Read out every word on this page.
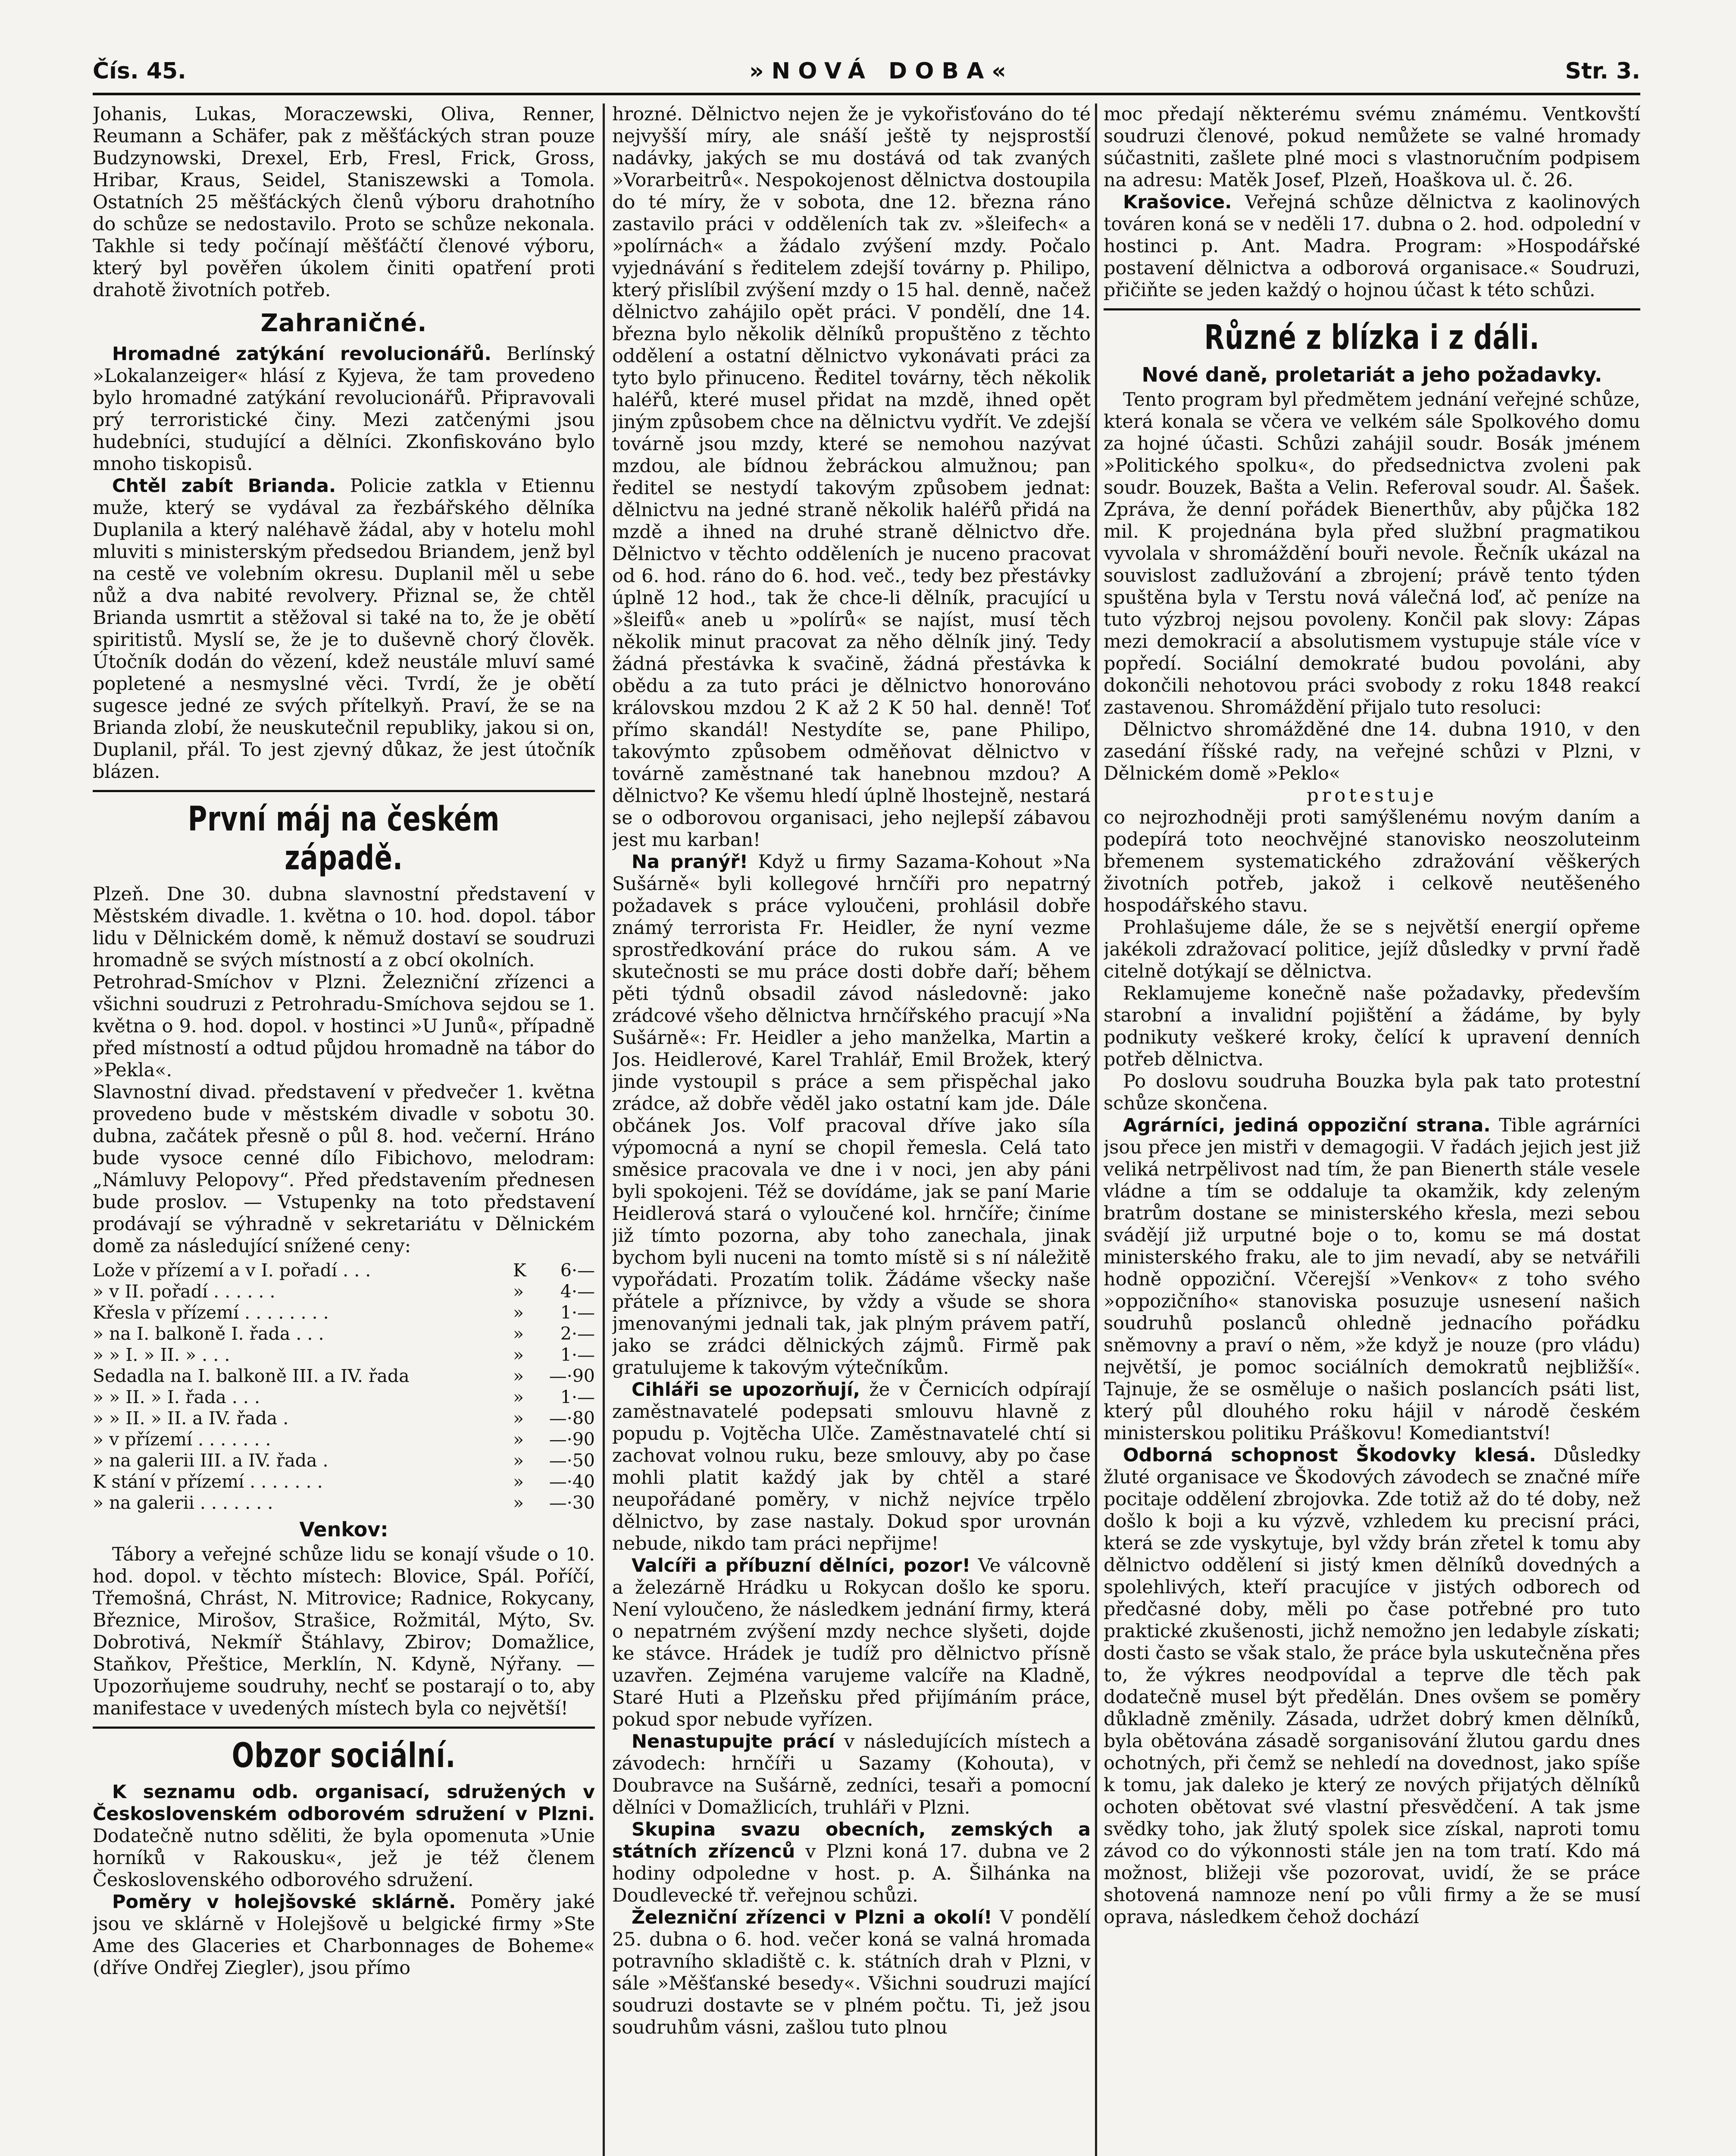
Čís. 45.	»NOVÁ DOBA«	Str. 3.

Johanis, Lukas, Moraczewski, Oliva, Renner, Reumann a Schäfer, pak z měšťáckých stran pouze Budzynowski, Drexel, Erb, Fresl, Frick, Gross, Hribar, Kraus, Seidel, Staniszewski a Tomola. Ostatních 25 měšťáckých členů výboru drahotního do schůze se nedostavilo. Proto se schůze nekonala. Takhle si tedy počínají měšťáčtí členové výboru, který byl pověřen úkolem činiti opatření proti drahotě životních potřeb.

Zahraničné.

Hromadné zatýkání revolucionářů. Berlínský »Lokalanzeiger« hlásí z Kyjeva, že tam provedeno bylo hromadné zatýkání revolucionářů. Připravovali prý terroristické činy. Mezi zatčenými jsou hudebníci, studující a dělníci. Zkonfiskováno bylo mnoho tiskopisů.

Chtěl zabít Brianda. Policie zatkla v Etiennu muže, který se vydával za řezbářského dělníka Duplanila a který naléhavě žádal, aby v hotelu mohl mluviti s ministerským předsedou Briandem, jenž byl na cestě ve volebním okresu. Duplanil měl u sebe nůž a dva nabité revolvery. Přiznal se, že chtěl Brianda usmrtit a stěžoval si také na to, že je obětí spiritistů. Myslí se, že je to duševně chorý člověk. Útočník dodán do vězení, kdež neustále mluví samé popletené a nesmyslné věci. Tvrdí, že je obětí sugesce jedné ze svých přítelkyň. Praví, že se na Brianda zlobí, že neuskutečnil republiky, jakou si on, Duplanil, přál. To jest zjevný důkaz, že jest útočník blázen.

První máj na českém západě.

Plzeň. Dne 30. dubna slavnostní představení v Městském divadle. 1. května o 10. hod. dopol. tábor lidu v Dělnickém domě, k němuž dostaví se soudruzi hromadně se svých místností a z obcí okolních.

Petrohrad-Smíchov v Plzni. Železniční zřízenci a všichni soudruzi z Petrohradu-Smíchova sejdou se 1. května o 9. hod. dopol. v hostinci »U Junů«, případně před místností a odtud půjdou hromadně na tábor do »Pekla«.

Slavnostní divad. představení v předvečer 1. května provedeno bude v městském divadle v sobotu 30. dubna, začátek přesně o půl 8. hod. večerní. Hráno bude vysoce cenné dílo Fibichovo, melodram: „Námluvy Pelopovy“. Před představením přednesen bude proslov. — Vstupenky na toto představení prodávají se výhradně v sekretariátu v Dělnickém domě za následující snížené ceny:

Lože v přízemí a v I. pořadí . . .	K	6·—
» v II. pořadí . . . . . .	»	4·—
Křesla v přízemí . . . . . . . .	»	1·—
» na I. balkoně I. řada . . .	»	2·—
» » I. » II. » . . .	»	1·—
Sedadla na I. balkoně III. a IV. řada	»	—·90
» » II. » I. řada . . .	»	1·—
» » II. » II. a IV. řada .	»	—·80
» v přízemí . . . . . . .	»	—·90
» na galerii III. a IV. řada .	»	—·50
K stání v přízemí . . . . . . .	»	—·40
» na galerii . . . . . . .	»	—·30
Venkov:

Tábory a veřejné schůze lidu se konají všude o 10. hod. dopol. v těchto místech: Blovice, Spál. Poříčí, Třemošná, Chrást, N. Mitrovice; Radnice, Rokycany, Březnice, Mirošov, Strašice, Rožmitál, Mýto, Sv. Dobrotivá, Nekmíř Štáhlavy, Zbirov; Domažlice, Staňkov, Přeštice, Merklín, N. Kdyně, Nýřany. — Upozorňujeme soudruhy, nechť se postarají o to, aby manifestace v uvedených místech byla co největší!

Obzor sociální.

K seznamu odb. organisací, sdružených v Československém odborovém sdružení v Plzni. Dodatečně nutno sděliti, že byla opomenuta »Unie horníků v Rakousku«, jež je též členem Československého odborového sdružení.

Poměry v holejšovské sklárně. Poměry jaké jsou ve sklárně v Holejšově u belgické firmy »Ste Ame des Glaceries et Charbonnages de Boheme« (dříve Ondřej Ziegler), jsou přímo

hrozné. Dělnictvo nejen že je vykořisťováno do té nejvyšší míry, ale snáší ještě ty nejsprostší nadávky, jakých se mu dostává od tak zvaných »Vorarbeitrů«. Nespokojenost dělnictva dostoupila do té míry, že v sobota, dne 12. března ráno zastavilo práci v odděleních tak zv. »šleifech« a »polírnách« a žádalo zvýšení mzdy. Počalo vyjednávání s ředitelem zdejší továrny p. Philipo, který přislíbil zvýšení mzdy o 15 hal. denně, načež dělnictvo zahájilo opět práci. V pondělí, dne 14. března bylo několik dělníků propuštěno z těchto oddělení a ostatní dělnictvo vykonávati práci za tyto bylo přinuceno. Ředitel továrny, těch několik haléřů, které musel přidat na mzdě, ihned opět jiným způsobem chce na dělnictvu vydřít. Ve zdejší továrně jsou mzdy, které se nemohou nazývat mzdou, ale bídnou žebráckou almužnou; pan ředitel se nestydí takovým způsobem jednat: dělnictvu na jedné straně několik haléřů přidá na mzdě a ihned na druhé straně dělnictvo dře. Dělnictvo v těchto odděleních je nuceno pracovat od 6. hod. ráno do 6. hod. več., tedy bez přestávky úplně 12 hod., tak že chce-li dělník, pracující u »šleifů« aneb u »polírů« se najíst, musí těch několik minut pracovat za něho dělník jiný. Tedy žádná přestávka k svačině, žádná přestávka k obědu a za tuto práci je dělnictvo honorováno královskou mzdou 2 K až 2 K 50 hal. denně! Toť přímo skandál! Nestydíte se, pane Philipo, takovýmto způsobem odměňovat dělnictvo v továrně zaměstnané tak hanebnou mzdou? A dělnictvo? Ke všemu hledí úplně lhostejně, nestará se o odborovou organisaci, jeho nejlepší zábavou jest mu karban!

Na pranýř! Když u firmy Sazama-Kohout »Na Sušárně« byli kollegové hrnčíři pro nepatrný požadavek s práce vyloučeni, prohlásil dobře známý terrorista Fr. Heidler, že nyní vezme sprostředkování práce do rukou sám. A ve skutečnosti se mu práce dosti dobře daří; během pěti týdnů obsadil závod následovně: jako zrádcové všeho dělnictva hrnčířského pracují »Na Sušárně«: Fr. Heidler a jeho manželka, Martin a Jos. Heidlerové, Karel Trahlář, Emil Brožek, který jinde vystoupil s práce a sem přispěchal jako zrádce, až dobře věděl jako ostatní kam jde. Dále občánek Jos. Volf pracoval dříve jako síla výpomocná a nyní se chopil řemesla. Celá tato směsice pracovala ve dne i v noci, jen aby páni byli spokojeni. Též se dovídáme, jak se paní Marie Heidlerová stará o vyloučené kol. hrnčíře; činíme již tímto pozorna, aby toho zanechala, jinak bychom byli nuceni na tomto místě si s ní náležitě vypořádati. Prozatím tolik. Žádáme všecky naše přátele a příznivce, by vždy a všude se shora jmenovanými jednali tak, jak plným právem patří, jako se zrádci dělnických zájmů. Firmě pak gratulujeme k takovým výtečníkům.

Cihláři se upozorňují, že v Černicích odpírají zaměstnavatelé podepsati smlouvu hlavně z popudu p. Vojtěcha Ulče. Zaměstnavatelé chtí si zachovat volnou ruku, beze smlouvy, aby po čase mohli platit každý jak by chtěl a staré neupořádané poměry, v nichž nejvíce trpělo dělnictvo, by zase nastaly. Dokud spor urovnán nebude, nikdo tam práci nepřijme!

Valcíři a příbuzní dělníci, pozor! Ve válcovně a železárně Hrádku u Rokycan došlo ke sporu. Není vyloučeno, že následkem jednání firmy, která o nepatrném zvýšení mzdy nechce slyšeti, dojde ke stávce. Hrádek je tudíž pro dělnictvo přísně uzavřen. Zejména varujeme valcíře na Kladně, Staré Huti a Plzeňsku před přijímáním práce, pokud spor nebude vyřízen.

Nenastupujte prácí v následujících místech a závodech: hrnčíři u Sazamy (Kohouta), v Doubravce na Sušárně, zedníci, tesaři a pomocní dělníci v Domažlicích, truhláři v Plzni.

Skupina svazu obecních, zemských a státních zřízenců v Plzni koná 17. dubna ve 2 hodiny odpoledne v host. p. A. Šilhánka na Doudlevecké tř. veřejnou schůzi.

Železniční zřízenci v Plzni a okolí! V pondělí 25. dubna o 6. hod. večer koná se valná hromada potravního skladiště c. k. státních drah v Plzni, v sále »Měšťanské besedy«. Všichni soudruzi mající soudruzi dostavte se v plném počtu. Ti, jež jsou soudruhům vásni, zašlou tuto plnou

moc předají některému svému známému. Ventkovští soudruzi členové, pokud nemůžete se valné hromady súčastniti, zašlete plné moci s vlastnoručním podpisem na adresu: Matěk Josef, Plzeň, Hoaškova ul. č. 26.

Krašovice. Veřejná schůze dělnictva z kaolinových továren koná se v neděli 17. dubna o 2. hod. odpolední v hostinci p. Ant. Madra. Program: »Hospodářské postavení dělnictva a odborová organisace.« Soudruzi, přičiňte se jeden každý o hojnou účast k této schůzi.

Různé z blízka i z dáli.
Nové daně, proletariát a jeho požadavky.

Tento program byl předmětem jednání veřejné schůze, která konala se včera ve velkém sále Spolkového domu za hojné účasti. Schůzi zahájil soudr. Bosák jménem »Politického spolku«, do předsednictva zvoleni pak soudr. Bouzek, Bašta a Velin. Referoval soudr. Al. Šašek. Zpráva, že denní pořádek Bienerthův, aby půjčka 182 mil. K projednána byla před službní pragmatikou vyvolala v shromáždění bouři nevole. Řečník ukázal na souvislost zadlužování a zbrojení; právě tento týden spuštěna byla v Terstu nová válečná loď, ač peníze na tuto výzbroj nejsou povoleny. Končil pak slovy: Zápas mezi demokracií a absolutismem vystupuje stále více v popředí. Sociální demokraté budou povoláni, aby dokončili nehotovou práci svobody z roku 1848 reakcí zastavenou. Shromáždění přijalo tuto resoluci:

Dělnictvo shromážděné dne 14. dubna 1910, v den zasedání říšské rady, na veřejné schůzi v Plzni, v Dělnickém domě »Peklo«

protestuje

co nejrozhodněji proti samýšlenému novým daním a podepírá toto neochvějné stanovisko neoszoluteinm břemenem systematického zdražování věškerých životních potřeb, jakož i celkově neutěšeného hospodářského stavu.

Prohlašujeme dále, že se s největší energií opřeme jakékoli zdražovací politice, jejíž důsledky v první řadě citelně dotýkají se dělnictva.

Reklamujeme konečně naše požadavky, především starobní a invalidní pojištění a žádáme, by byly podnikuty veškeré kroky, čelící k upravení denních potřeb dělnictva.

Po doslovu soudruha Bouzka byla pak tato protestní schůze skončena.

Agrárníci, jediná oppoziční strana. Tible agrárníci jsou přece jen mistři v demagogii. V řadách jejich jest již veliká netrpělivost nad tím, že pan Bienerth stále vesele vládne a tím se oddaluje ta okamžik, kdy zeleným bratrům dostane se ministerského křesla, mezi sebou svádějí již urputné boje o to, komu se má dostat ministerského fraku, ale to jim nevadí, aby se netvářili hodně oppoziční. Včerejší »Venkov« z toho svého »oppozičního« stanoviska posuzuje usnesení našich soudruhů poslanců ohledně jednacího pořádku sněmovny a praví o něm, »že když je nouze (pro vládu) největší, je pomoc sociálních demokratů nejbližší«. Tajnuje, že se osměluje o našich poslancích psáti list, který půl dlouhého roku hájil v národě českém ministerskou politiku Práškovu! Komediantství!

Odborná schopnost Škodovky klesá. Důsledky žluté organisace ve Škodových závodech se značné míře pocitaje oddělení zbrojovka. Zde totiž až do té doby, než došlo k boji a ku výzvě, vzhledem ku precisní práci, která se zde vyskytuje, byl vždy brán zřetel k tomu aby dělnictvo oddělení si jistý kmen dělníků dovedných a spolehlivých, kteří pracujíce v jistých odborech od předčasné doby, měli po čase potřebné pro tuto praktické zkušenosti, jichž nemožno jen ledabyle získati; dosti často se však stalo, že práce byla uskutečněna přes to, že výkres neodpovídal a teprve dle těch pak dodatečně musel být předělán. Dnes ovšem se poměry důkladně změnily. Zásada, udržet dobrý kmen dělníků, byla obětována zásadě sorganisování žlutou gardu dnes ochotných, při čemž se nehledí na dovednost, jako spíše k tomu, jak daleko je který ze nových přijatých dělníků ochoten obětovat své vlastní přesvědčení. A tak jsme svědky toho, jak žlutý spolek sice získal, naproti tomu závod co do výkonnosti stále jen na tom tratí. Kdo má možnost, bližeji vše pozorovat, uvidí, že se práce shotovená namnoze není po vůli firmy a že se musí oprava, následkem čehož dochází
